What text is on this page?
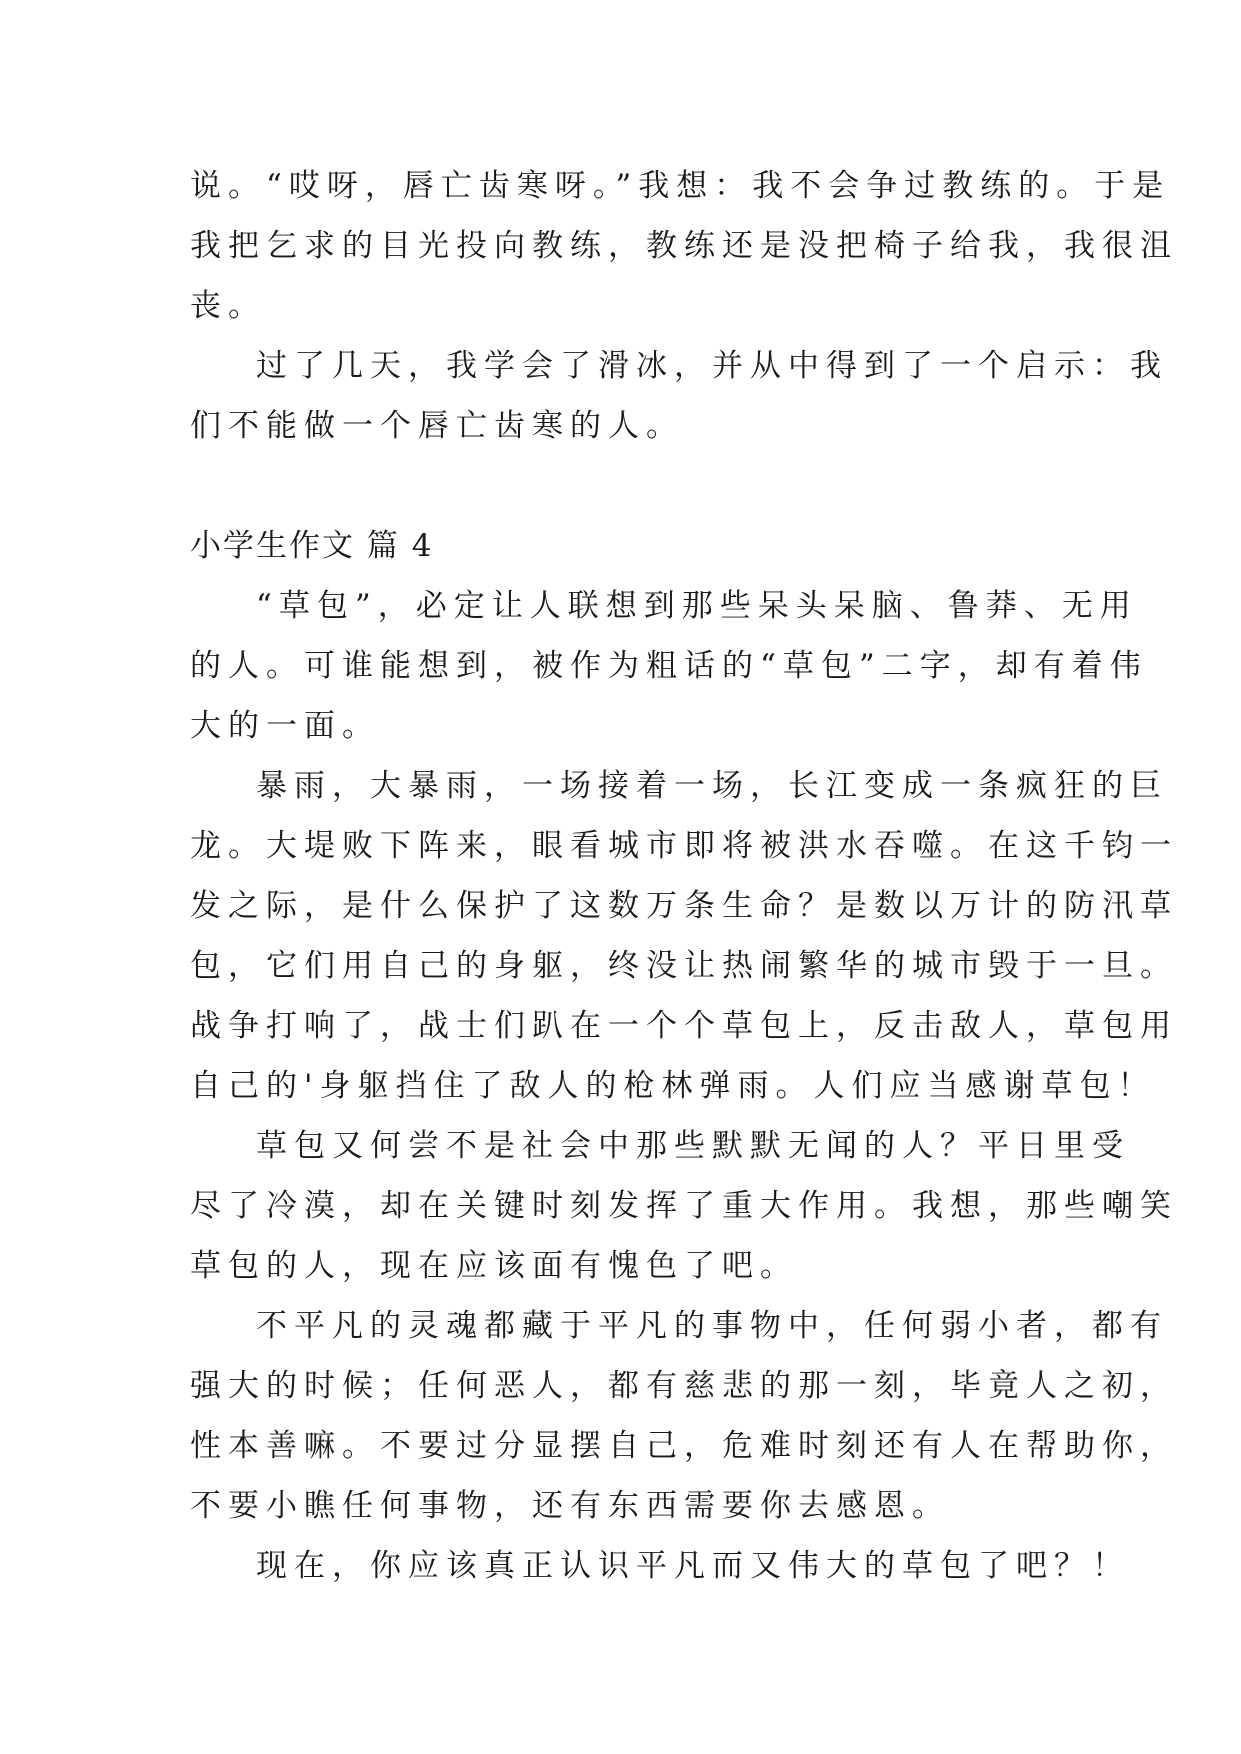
说。“哎呀，唇亡齿寒呀。”我想：我不会争过教练的。于是

我把乞求的目光投向教练，教练还是没把椅子给我，我很沮

丧。

过了几天，我学会了滑冰，并从中得到了一个启示：我

们不能做一个唇亡齿寒的人。

小学生作文 篇 4

“草包”，必定让人联想到那些呆头呆脑、鲁莽、无用

的人。可谁能想到，被作为粗话的“草包”二字，却有着伟

大的一面。

暴雨，大暴雨，一场接着一场，长江变成一条疯狂的巨

龙。大堤败下阵来，眼看城市即将被洪水吞噬。在这千钧一

发之际，是什么保护了这数万条生命？是数以万计的防汛草

包，它们用自己的身躯，终没让热闹繁华的城市毁于一旦。

战争打响了，战士们趴在一个个草包上，反击敌人，草包用

自己的'身躯挡住了敌人的枪林弹雨。人们应当感谢草包！

草包又何尝不是社会中那些默默无闻的人？平日里受

尽了冷漠，却在关键时刻发挥了重大作用。我想，那些嘲笑

草包的人，现在应该面有愧色了吧。

不平凡的灵魂都藏于平凡的事物中，任何弱小者，都有

强大的时候；任何恶人，都有慈悲的那一刻，毕竟人之初，

性本善嘛。不要过分显摆自己，危难时刻还有人在帮助你，

不要小瞧任何事物，还有东西需要你去感恩。

现在，你应该真正认识平凡而又伟大的草包了吧？！
